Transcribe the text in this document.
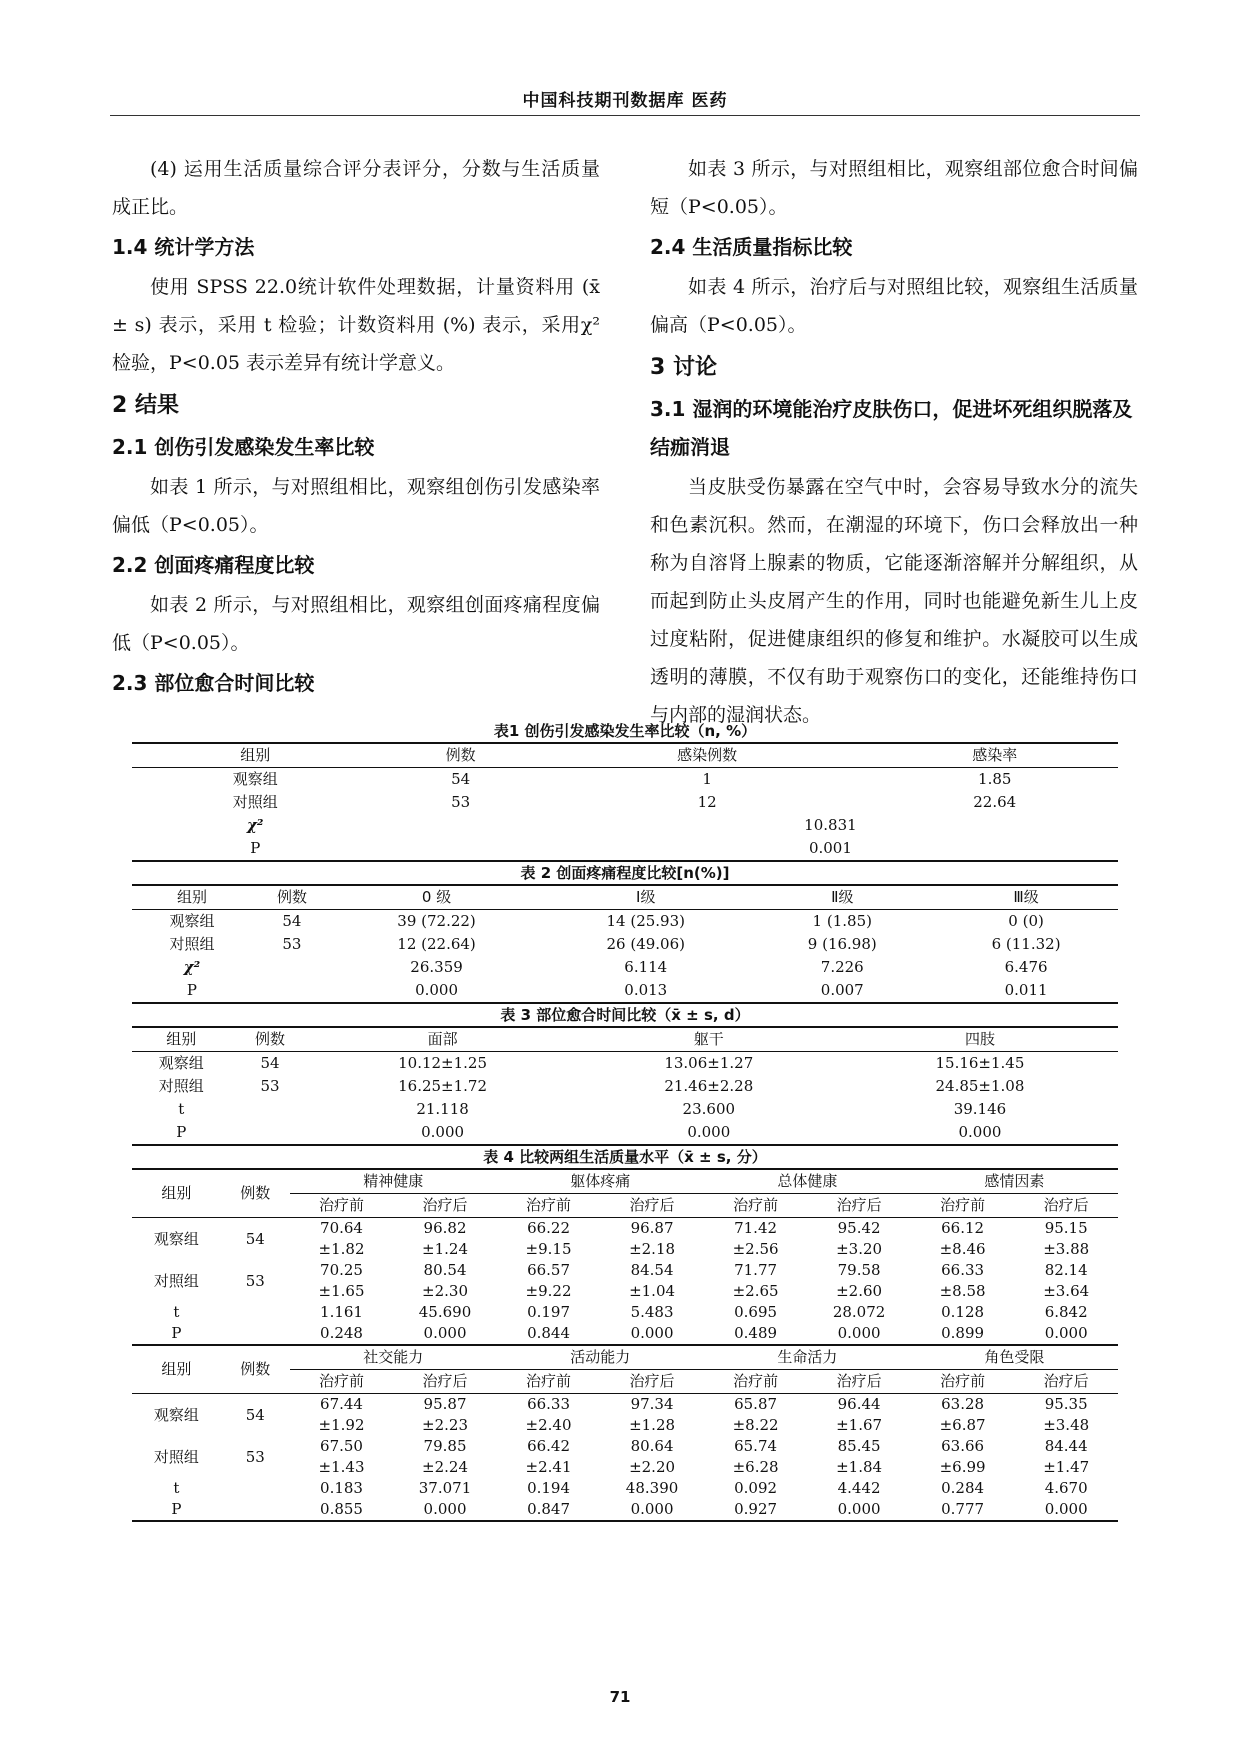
中国科技期刊数据库 医药

(4) 运用生活质量综合评分表评分，分数与生活质量成正比。

1.4 统计学方法

使用 SPSS 22.0统计软件处理数据，计量资料用 (x̄ ± s) 表示，采用 t 检验；计数资料用 (%) 表示，采用χ²检验，P<0.05 表示差异有统计学意义。

2 结果
2.1 创伤引发感染发生率比较

如表 1 所示，与对照组相比，观察组创伤引发感染率偏低（P<0.05）。

2.2 创面疼痛程度比较

如表 2 所示，与对照组相比，观察组创面疼痛程度偏低（P<0.05）。

2.3 部位愈合时间比较

如表 3 所示，与对照组相比，观察组部位愈合时间偏短（P<0.05）。

2.4 生活质量指标比较

如表 4 所示，治疗后与对照组比较，观察组生活质量偏高（P<0.05）。

3 讨论
3.1 湿润的环境能治疗皮肤伤口，促进坏死组织脱落及结痂消退

当皮肤受伤暴露在空气中时，会容易导致水分的流失和色素沉积。然而，在潮湿的环境下，伤口会释放出一种称为自溶肾上腺素的物质，它能逐渐溶解并分解组织，从而起到防止头皮屑产生的作用，同时也能避免新生儿上皮过度粘附，促进健康组织的修复和维护。水凝胶可以生成透明的薄膜，不仅有助于观察伤口的变化，还能维持伤口与内部的湿润状态。

表1 创伤引发感染发生率比较（n, %）
组别	例数	感染例数	感染率
观察组	54	1	1.85
对照组	53	12	22.64
χ²		10.831	
P		0.001	
表 2 创面疼痛程度比较[n(%)]
组别	例数	0 级	Ⅰ级	Ⅱ级	Ⅲ级
观察组	54	39 (72.22)	14 (25.93)	1 (1.85)	0 (0)
对照组	53	12 (22.64)	26 (49.06)	9 (16.98)	6 (11.32)
χ²		26.359	6.114	7.226	6.476
P		0.000	0.013	0.007	0.011
表 3 部位愈合时间比较（x̄ ± s, d）
组别	例数	面部	躯干	四肢
观察组	54	10.12±1.25	13.06±1.27	15.16±1.45
对照组	53	16.25±1.72	21.46±2.28	24.85±1.08
t		21.118	23.600	39.146
P		0.000	0.000	0.000
表 4 比较两组生活质量水平（x̄ ± s, 分）
组别	例数	精神健康		躯体疼痛		总体健康		感情因素	
		治疗前	治疗后	治疗前	治疗后	治疗前	治疗后	治疗前	治疗后
观察组	54	70.64	96.82	66.22	96.87	71.42	95.42	66.12	95.15
		±1.82	±1.24	±9.15	±2.18	±2.56	±3.20	±8.46	±3.88
对照组	53	70.25	80.54	66.57	84.54	71.77	79.58	66.33	82.14
		±1.65	±2.30	±9.22	±1.04	±2.65	±2.60	±8.58	±3.64
t		1.161	45.690	0.197	5.483	0.695	28.072	0.128	6.842
P		0.248	0.000	0.844	0.000	0.489	0.000	0.899	0.000
组别	例数	社交能力		活动能力		生命活力		角色受限	
		治疗前	治疗后	治疗前	治疗后	治疗前	治疗后	治疗前	治疗后
观察组	54	67.44	95.87	66.33	97.34	65.87	96.44	63.28	95.35
		±1.92	±2.23	±2.40	±1.28	±8.22	±1.67	±6.87	±3.48
对照组	53	67.50	79.85	66.42	80.64	65.74	85.45	63.66	84.44
		±1.43	±2.24	±2.41	±2.20	±6.28	±1.84	±6.99	±1.47
t		0.183	37.071	0.194	48.390	0.092	4.442	0.284	4.670
P		0.855	0.000	0.847	0.000	0.927	0.000	0.777	0.000
71
